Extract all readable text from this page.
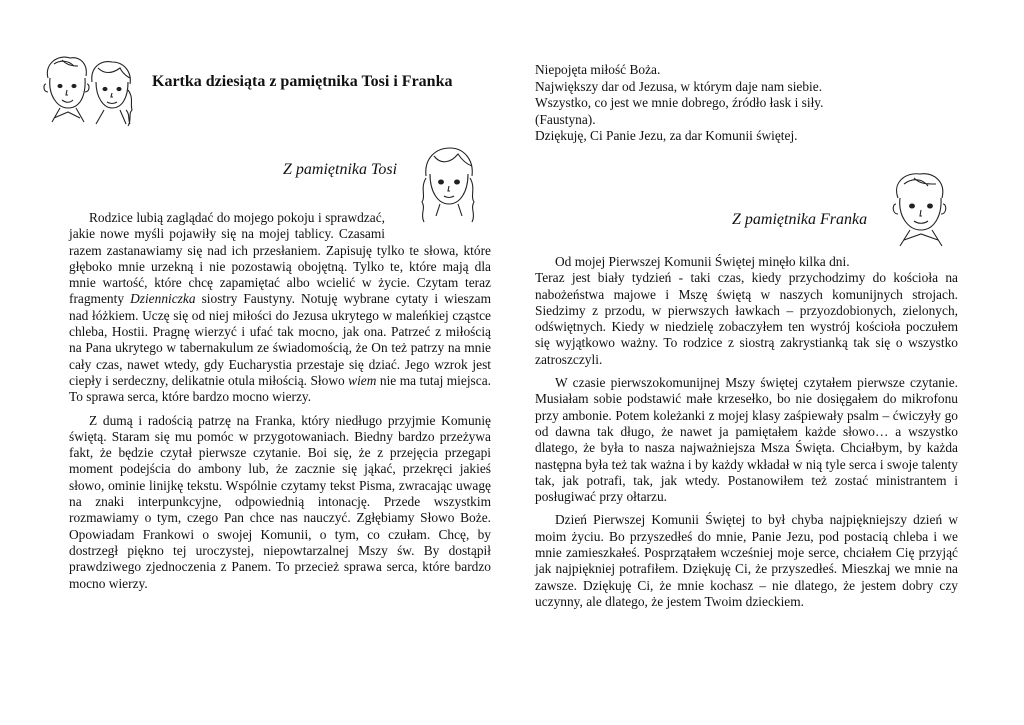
Kartka dziesiąta z pamiętnika Tosi i Franka
Z pamiętnika Tosi

Rodzice lubią zaglądać do mojego pokoju i sprawdzać, jakie nowe myśli pojawiły się na mojej tablicy. Czasami razem zastanawiamy się nad ich przesłaniem. Zapisuję tylko te słowa, które głęboko mnie urzekną i nie pozostawią obojętną. Tylko te, które mają dla mnie wartość, które chcę zapamiętać albo wcielić w życie. Czytam teraz fragmenty Dzienniczka siostry Faustyny. Notuję wybrane cytaty i wieszam nad łóżkiem. Uczę się od niej miłości do Jezusa ukrytego w maleńkiej cząstce chleba, Hostii. Pragnę wierzyć i ufać tak mocno, jak ona. Patrzeć z miłością na Pana ukrytego w tabernakulum ze świadomością, że On też patrzy na mnie cały czas, nawet wtedy, gdy Eucharystia przestaje się dziać. Jego wzrok jest ciepły i serdeczny, delikatnie otula miłością. Słowo wiem nie ma tutaj miejsca. To sprawa serca, które bardzo mocno wierzy.

Z dumą i radością patrzę na Franka, który niedługo przyjmie Komunię świętą. Staram się mu pomóc w przygotowaniach. Biedny bardzo przeżywa fakt, że będzie czytał pierwsze czytanie. Boi się, że z przejęcia przegapi moment podejścia do ambony lub, że zacznie się jąkać, przekręci jakieś słowo, ominie linijkę tekstu. Wspólnie czytamy tekst Pisma, zwracając uwagę na znaki interpunkcyjne, odpowiednią intonację. Przede wszystkim rozmawiamy o tym, czego Pan chce nas nauczyć. Zgłębiamy Słowo Boże. Opowiadam Frankowi o swojej Komunii, o tym, co czułam. Chcę, by dostrzegł piękno tej uroczystej, niepowtarzalnej Mszy św. By dostąpił prawdziwego zjednoczenia z Panem. To przecież sprawa serca, które bardzo mocno wierzy.

Niepojęta miłość Boża.
Największy dar od Jezusa, w którym daje nam siebie.
Wszystko, co jest we mnie dobrego, źródło łask i siły.
(Faustyna).
Dziękuję, Ci Panie Jezu, za dar Komunii świętej.
Z pamiętnika Franka

Od mojej Pierwszej Komunii Świętej minęło kilka dni.

Teraz jest biały tydzień - taki czas, kiedy przychodzimy do kościoła na nabożeństwa majowe i Mszę świętą w naszych komunijnych strojach. Siedzimy z przodu, w pierwszych ławkach – przyozdobionych, zielonych, odświętnych. Kiedy w niedzielę zobaczyłem ten wystrój kościoła poczułem się wyjątkowo ważny. To rodzice z siostrą zakrystianką tak się o wszystko zatroszczyli.

W czasie pierwszokomunijnej Mszy świętej czytałem pierwsze czytanie. Musiałam sobie podstawić małe krzesełko, bo nie dosięgałem do mikrofonu przy ambonie. Potem koleżanki z mojej klasy zaśpiewały psalm – ćwiczyły go od dawna tak długo, że nawet ja pamiętałem każde słowo… a wszystko dlatego, że była to nasza najważniejsza Msza Święta. Chciałbym, by każda następna była też tak ważna i by każdy wkładał w nią tyle serca i swoje talenty tak, jak potrafi, tak, jak wtedy. Postanowiłem też zostać ministrantem i posługiwać przy ołtarzu.

Dzień Pierwszej Komunii Świętej to był chyba najpiękniejszy dzień w moim życiu. Bo przyszedłeś do mnie, Panie Jezu, pod postacią chleba i we mnie zamieszkałeś. Posprzątałem wcześniej moje serce, chciałem Cię przyjąć jak najpiękniej potrafiłem. Dziękuję Ci, że przyszedłeś. Mieszkaj we mnie na zawsze. Dziękuję Ci, że mnie kochasz – nie dlatego, że jestem dobry czy uczynny, ale dlatego, że jestem Twoim dzieckiem.
